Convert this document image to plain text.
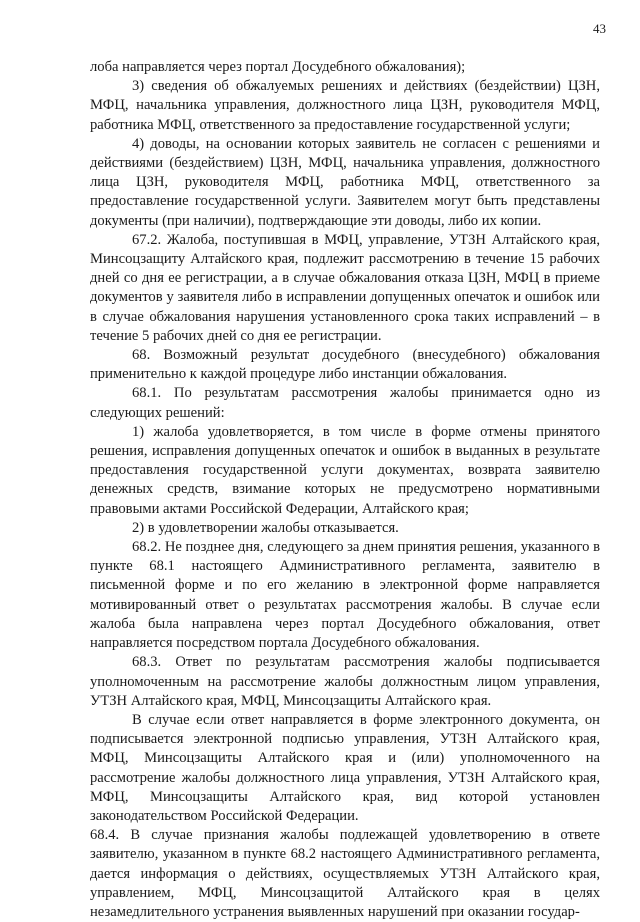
43

лоба направляется через портал Досудебного обжалования);

3) сведения об обжалуемых решениях и действиях (бездействии) ЦЗН, МФЦ, начальника управления, должностного лица ЦЗН, руководителя МФЦ, работника МФЦ, ответственного за предоставление государственной услуги;

4) доводы, на основании которых заявитель не согласен с решениями и действиями (бездействием) ЦЗН, МФЦ, начальника управления, должностного лица ЦЗН, руководителя МФЦ, работника МФЦ, ответственного за предоставление государственной услуги. Заявителем могут быть представлены документы (при наличии), подтверждающие эти доводы, либо их копии.

67.2. Жалоба, поступившая в МФЦ, управление, УТЗН Алтайского края, Минсоцзащиту Алтайского края, подлежит рассмотрению в течение 15 рабочих дней со дня ее регистрации, а в случае обжалования отказа ЦЗН, МФЦ в приеме документов у заявителя либо в исправлении допущенных опечаток и ошибок или в случае обжалования нарушения установленного срока таких исправлений – в течение 5 рабочих дней со дня ее регистрации.

68. Возможный результат досудебного (внесудебного) обжалования применительно к каждой процедуре либо инстанции обжалования.

68.1. По результатам рассмотрения жалобы принимается одно из следующих решений:

1) жалоба удовлетворяется, в том числе в форме отмены принятого решения, исправления допущенных опечаток и ошибок в выданных в результате предоставления государственной услуги документах, возврата заявителю денежных средств, взимание которых не предусмотрено нормативными правовыми актами Российской Федерации, Алтайского края;

2) в удовлетворении жалобы отказывается.

68.2. Не позднее дня, следующего за днем принятия решения, указанного в пункте 68.1 настоящего Административного регламента, заявителю в письменной форме и по его желанию в электронной форме направляется мотивированный ответ о результатах рассмотрения жалобы. В случае если жалоба была направлена через портал Досудебного обжалования, ответ направляется посредством портала Досудебного обжалования.

68.3. Ответ по результатам рассмотрения жалобы подписывается уполномоченным на рассмотрение жалобы должностным лицом управления, УТЗН Алтайского края, МФЦ, Минсоцзащиты Алтайского края.

В случае если ответ направляется в форме электронного документа, он подписывается электронной подписью управления, УТЗН Алтайского края, МФЦ, Минсоцзащиты Алтайского края и (или) уполномоченного на рассмотрение жалобы должностного лица управления, УТЗН Алтайского края, МФЦ, Минсоцзащиты Алтайского края, вид которой установлен законодательством Российской Федерации.

68.4. В случае признания жалобы подлежащей удовлетворению в ответе заявителю, указанном в пункте 68.2 настоящего Административного регламента, дается информация о действиях, осуществляемых УТЗН Алтайского края, управлением, МФЦ, Минсоцзащитой Алтайского края в целях незамедлительного устранения выявленных нарушений при оказании государ-
